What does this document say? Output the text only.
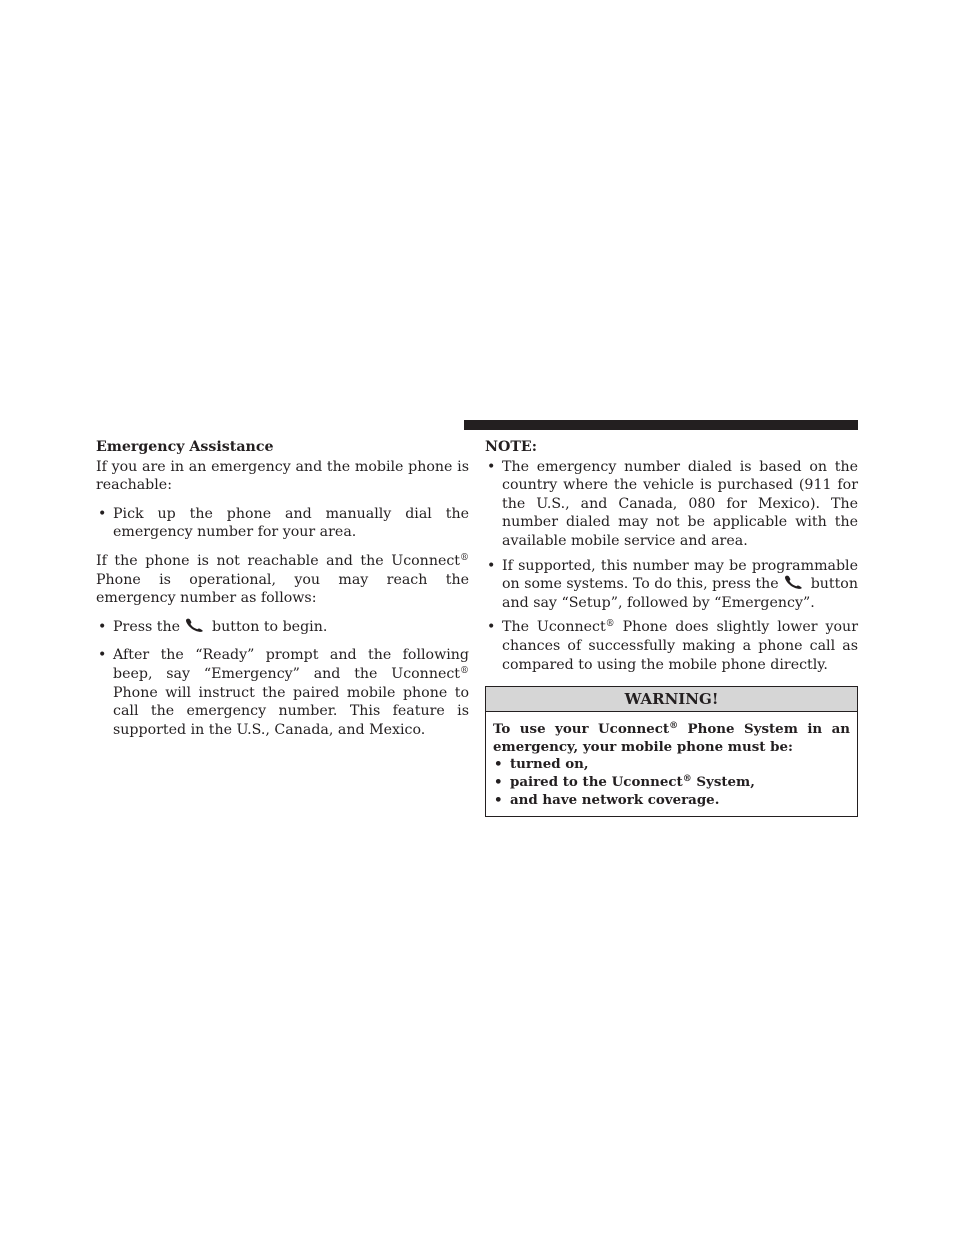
Emergency Assistance

If you are in an emergency and the mobile phone is reachable:

• Pick up the phone and manually dial the emergency number for your area.

If the phone is not reachable and the Uconnect® Phone is operational, you may reach the emergency number as follows:

• Press the button to begin.
• After the “Ready” prompt and the following beep, say “Emergency” and the Uconnect® Phone will instruct the paired mobile phone to call the emergency number. This feature is supported in the U.S., Canada, and Mexico.

NOTE:

• The emergency number dialed is based on the country where the vehicle is purchased (911 for the U.S., and Canada, 080 for Mexico). The number dialed may not be applicable with the available mobile service and area.
• If supported, this number may be programmable on some systems. To do this, press the button and say “Setup”, followed by “Emergency”.
• The Uconnect® Phone does slightly lower your chances of successfully making a phone call as compared to using the mobile phone directly.
WARNING!

To use your Uconnect® Phone System in an emergency, your mobile phone must be:

• turned on,
• paired to the Uconnect® System,
• and have network coverage.
